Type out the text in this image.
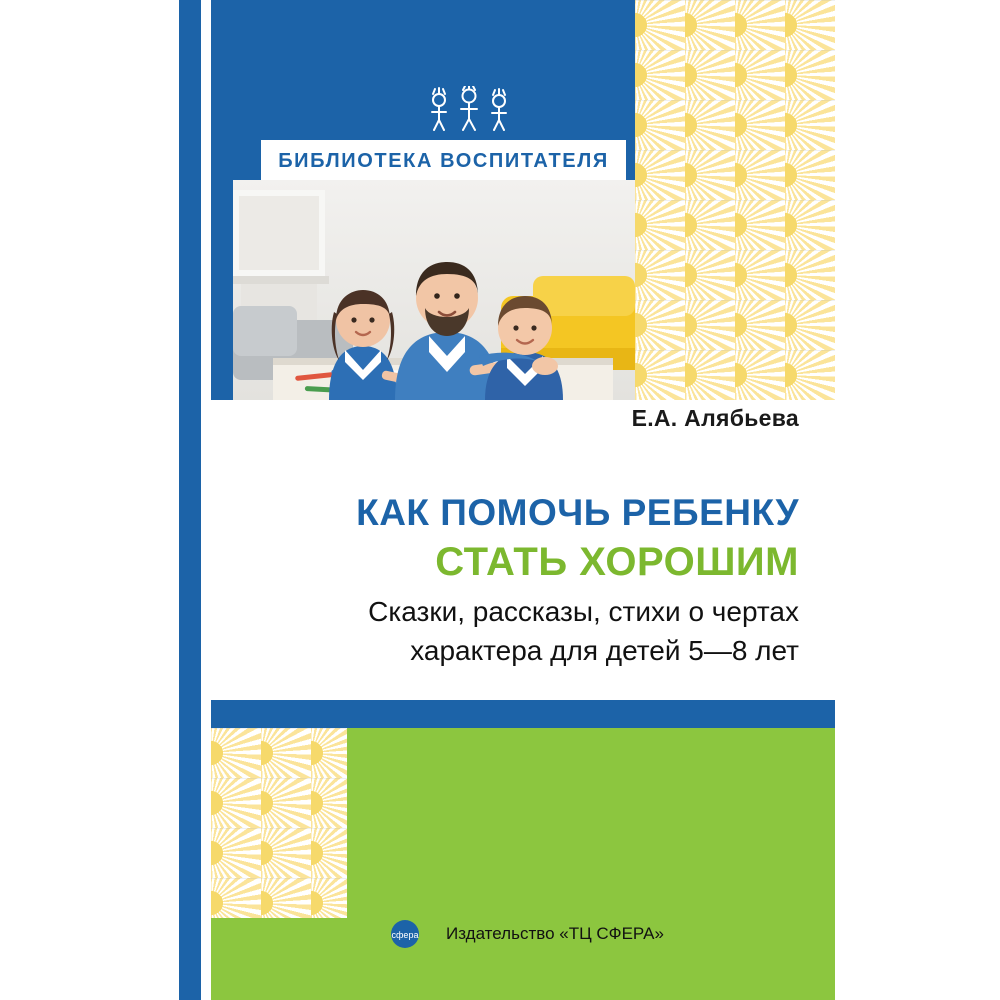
БИБЛИОТЕКА ВОСПИТАТЕЛЯ
Е.А. Алябьева
КАК ПОМОЧЬ РЕБЕНКУ
СТАТЬ ХОРОШИМ
Сказки, рассказы, стихи о чертах
характера для детей 5—8 лет
сфера Издательство «ТЦ СФЕРА»
